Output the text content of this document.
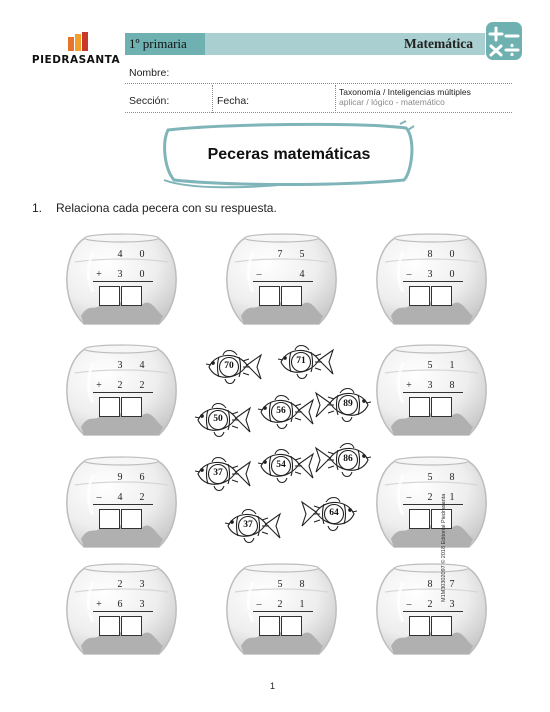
PIEDRASANTA
1º primaria	Matemática
Nombre:
Sección:	Fecha:
Taxonomía / Inteligencias múltiples
aplicar / lógico - matemático
Peceras matemáticas
1. Relaciona cada pecera con su respuesta.
4 0
+	3 0
7 5
–	4
8 0
–	3 0
3 4
+	2 2
5 1
+	3 8
9 6
–	4 2
5 8
–	2 1
2 3
+	6 3
5 8
–	2 1
8 7
–	2 3
70	71
56
89
50
54
86
37
37
64
1
M1M30302097 © 2018 Editorial Piedrasanta
